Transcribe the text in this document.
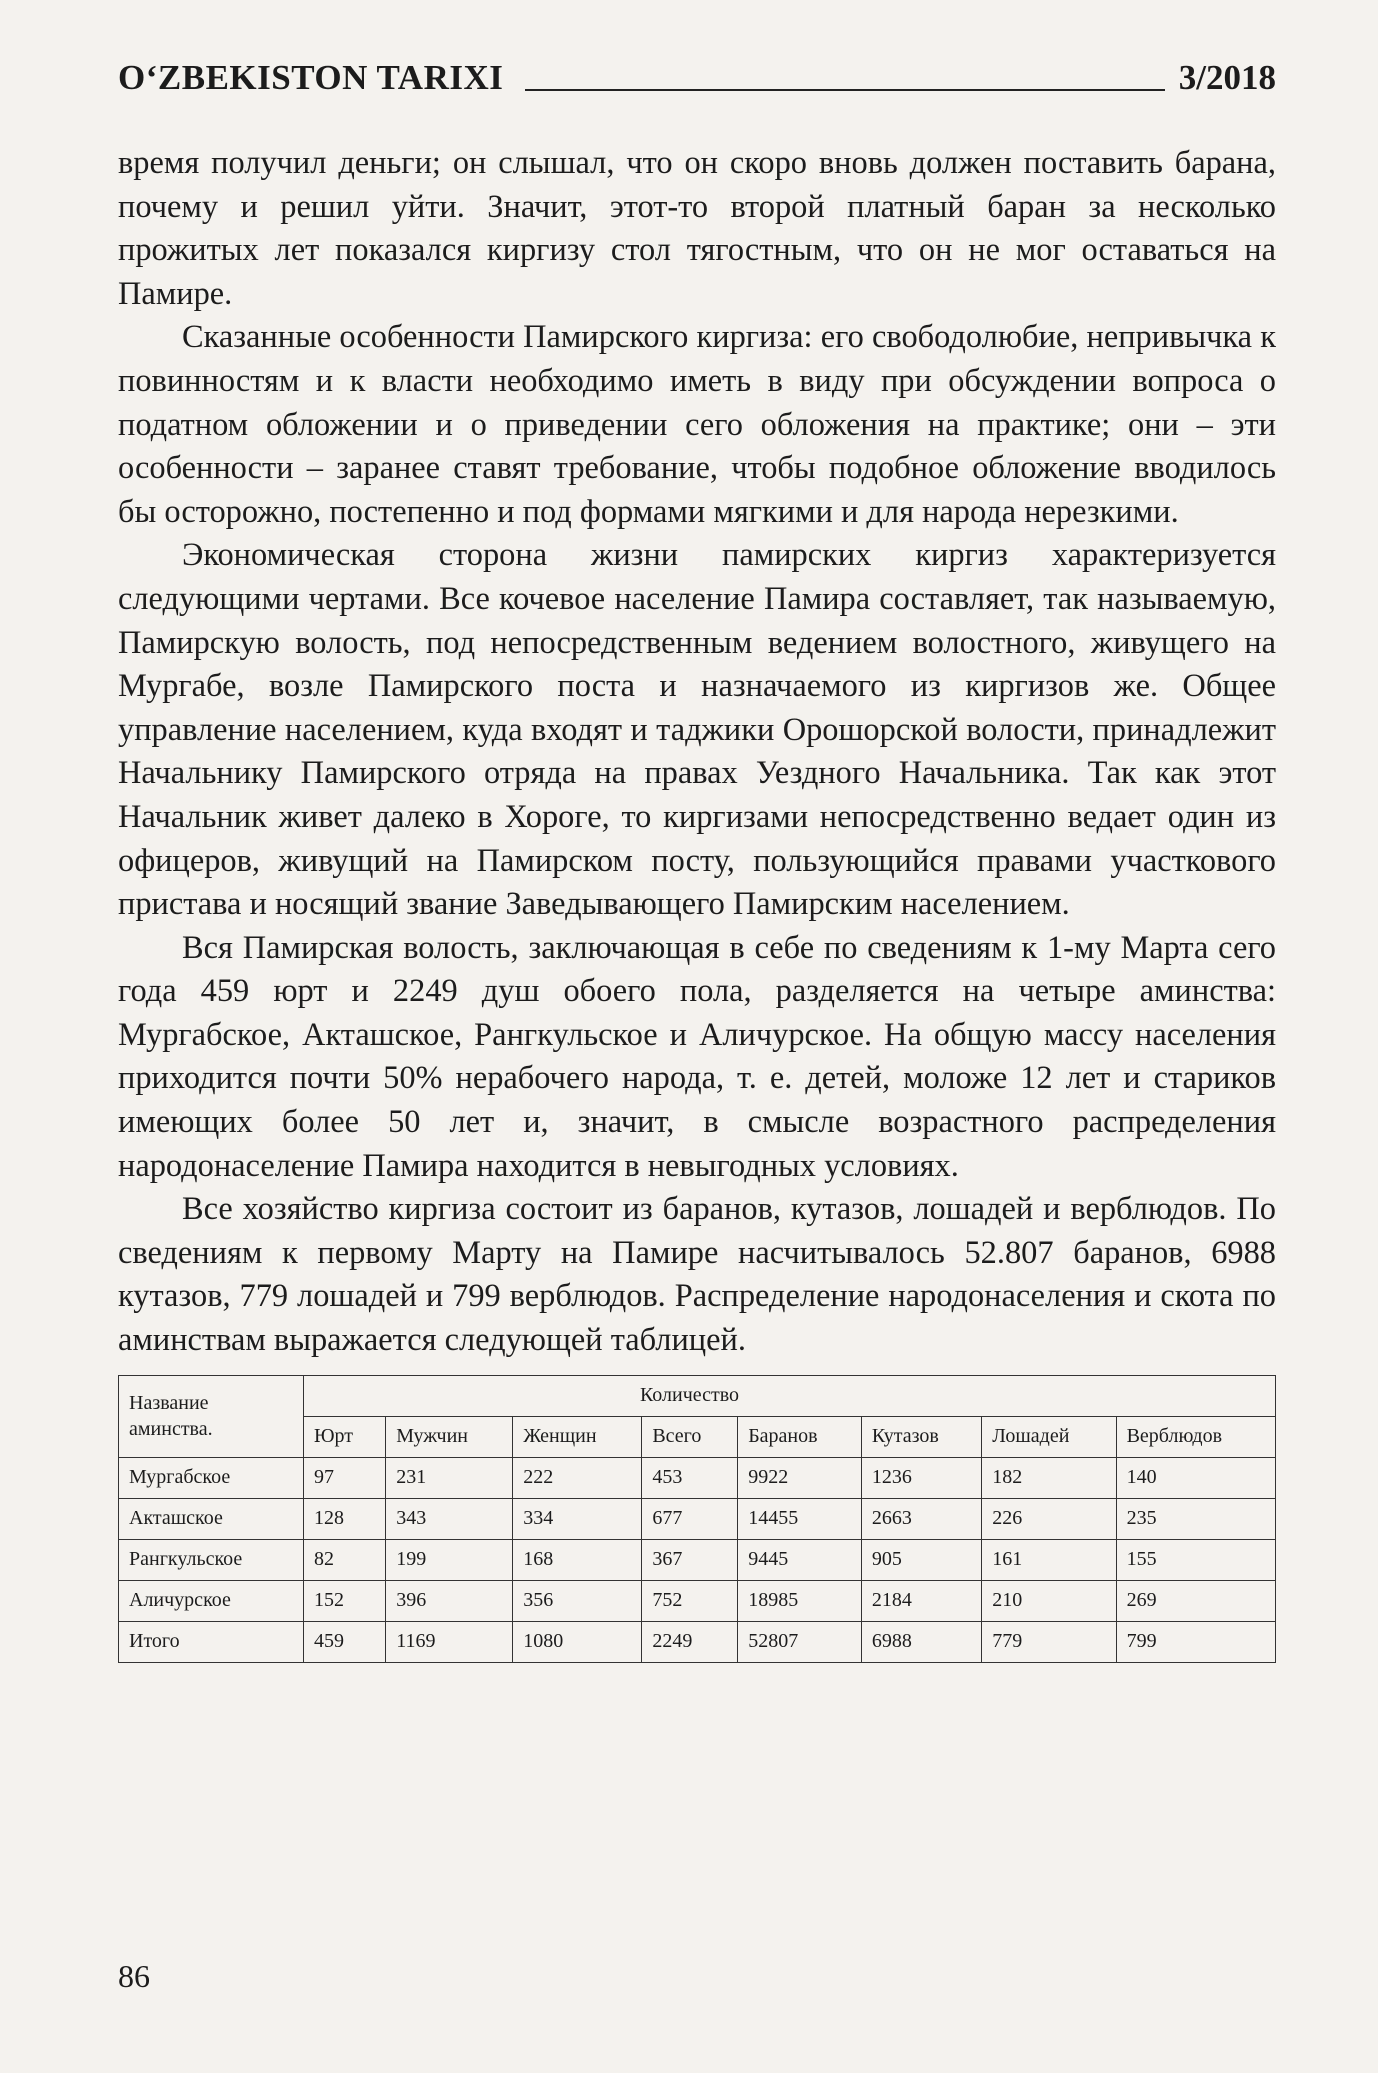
O‘ZBEKISTON TARIXI	3/2018

время получил деньги; он слышал, что он скоро вновь должен поставить барана, почему и решил уйти. Значит, этот-то второй платный баран за несколько прожитых лет показался киргизу стол тягостным, что он не мог оставаться на Памире.

Сказанные особенности Памирского киргиза: его свободолюбие, непривычка к повинностям и к власти необходимо иметь в виду при обсуждении вопроса о податном обложении и о приведении сего обложения на практике; они – эти особенности – заранее ставят требование, чтобы подобное обложение вводилось бы осторожно, постепенно и под формами мягкими и для народа нерезкими.

Экономическая сторона жизни памирских киргиз характеризуется следующими чертами. Все кочевое население Памира составляет, так называемую, Памирскую волость, под непосредственным ведением волостного, живущего на Мургабе, возле Памирского поста и назначаемого из киргизов же. Общее управление населением, куда входят и таджики Орошорской волости, принадлежит Начальнику Памирского отряда на правах Уездного Начальника. Так как этот Начальник живет далеко в Хороге, то киргизами непосредственно ведает один из офицеров, живущий на Памирском посту, пользующийся правами участкового пристава и носящий звание Заведывающего Памирским населением.

Вся Памирская волость, заключающая в себе по сведениям к 1-му Марта сего года 459 юрт и 2249 душ обоего пола, разделяется на четыре аминства: Мургабское, Акташское, Рангкульское и Аличурское. На общую массу населения приходится почти 50% нерабочего народа, т. е. детей, моложе 12 лет и стариков имеющих более 50 лет и, значит, в смысле возрастного распределения народонаселение Памира находится в невыгодных условиях.

Все хозяйство киргиза состоит из баранов, кутазов, лошадей и верблюдов. По сведениям к первому Марту на Памире насчитывалось 52.807 баранов, 6988 кутазов, 779 лошадей и 799 верблюдов. Распределение народонаселения и скота по аминствам выражается следующей таблицей.

Название аминства.	Количество							
	Юрт	Мужчин	Женщин	Всего	Баранов	Кутазов	Лошадей	Верблюдов
Мургабское	97	231	222	453	9922	1236	182	140
Акташское	128	343	334	677	14455	2663	226	235
Рангкульское	82	199	168	367	9445	905	161	155
Аличурское	152	396	356	752	18985	2184	210	269
Итого	459	1169	1080	2249	52807	6988	779	799
86
